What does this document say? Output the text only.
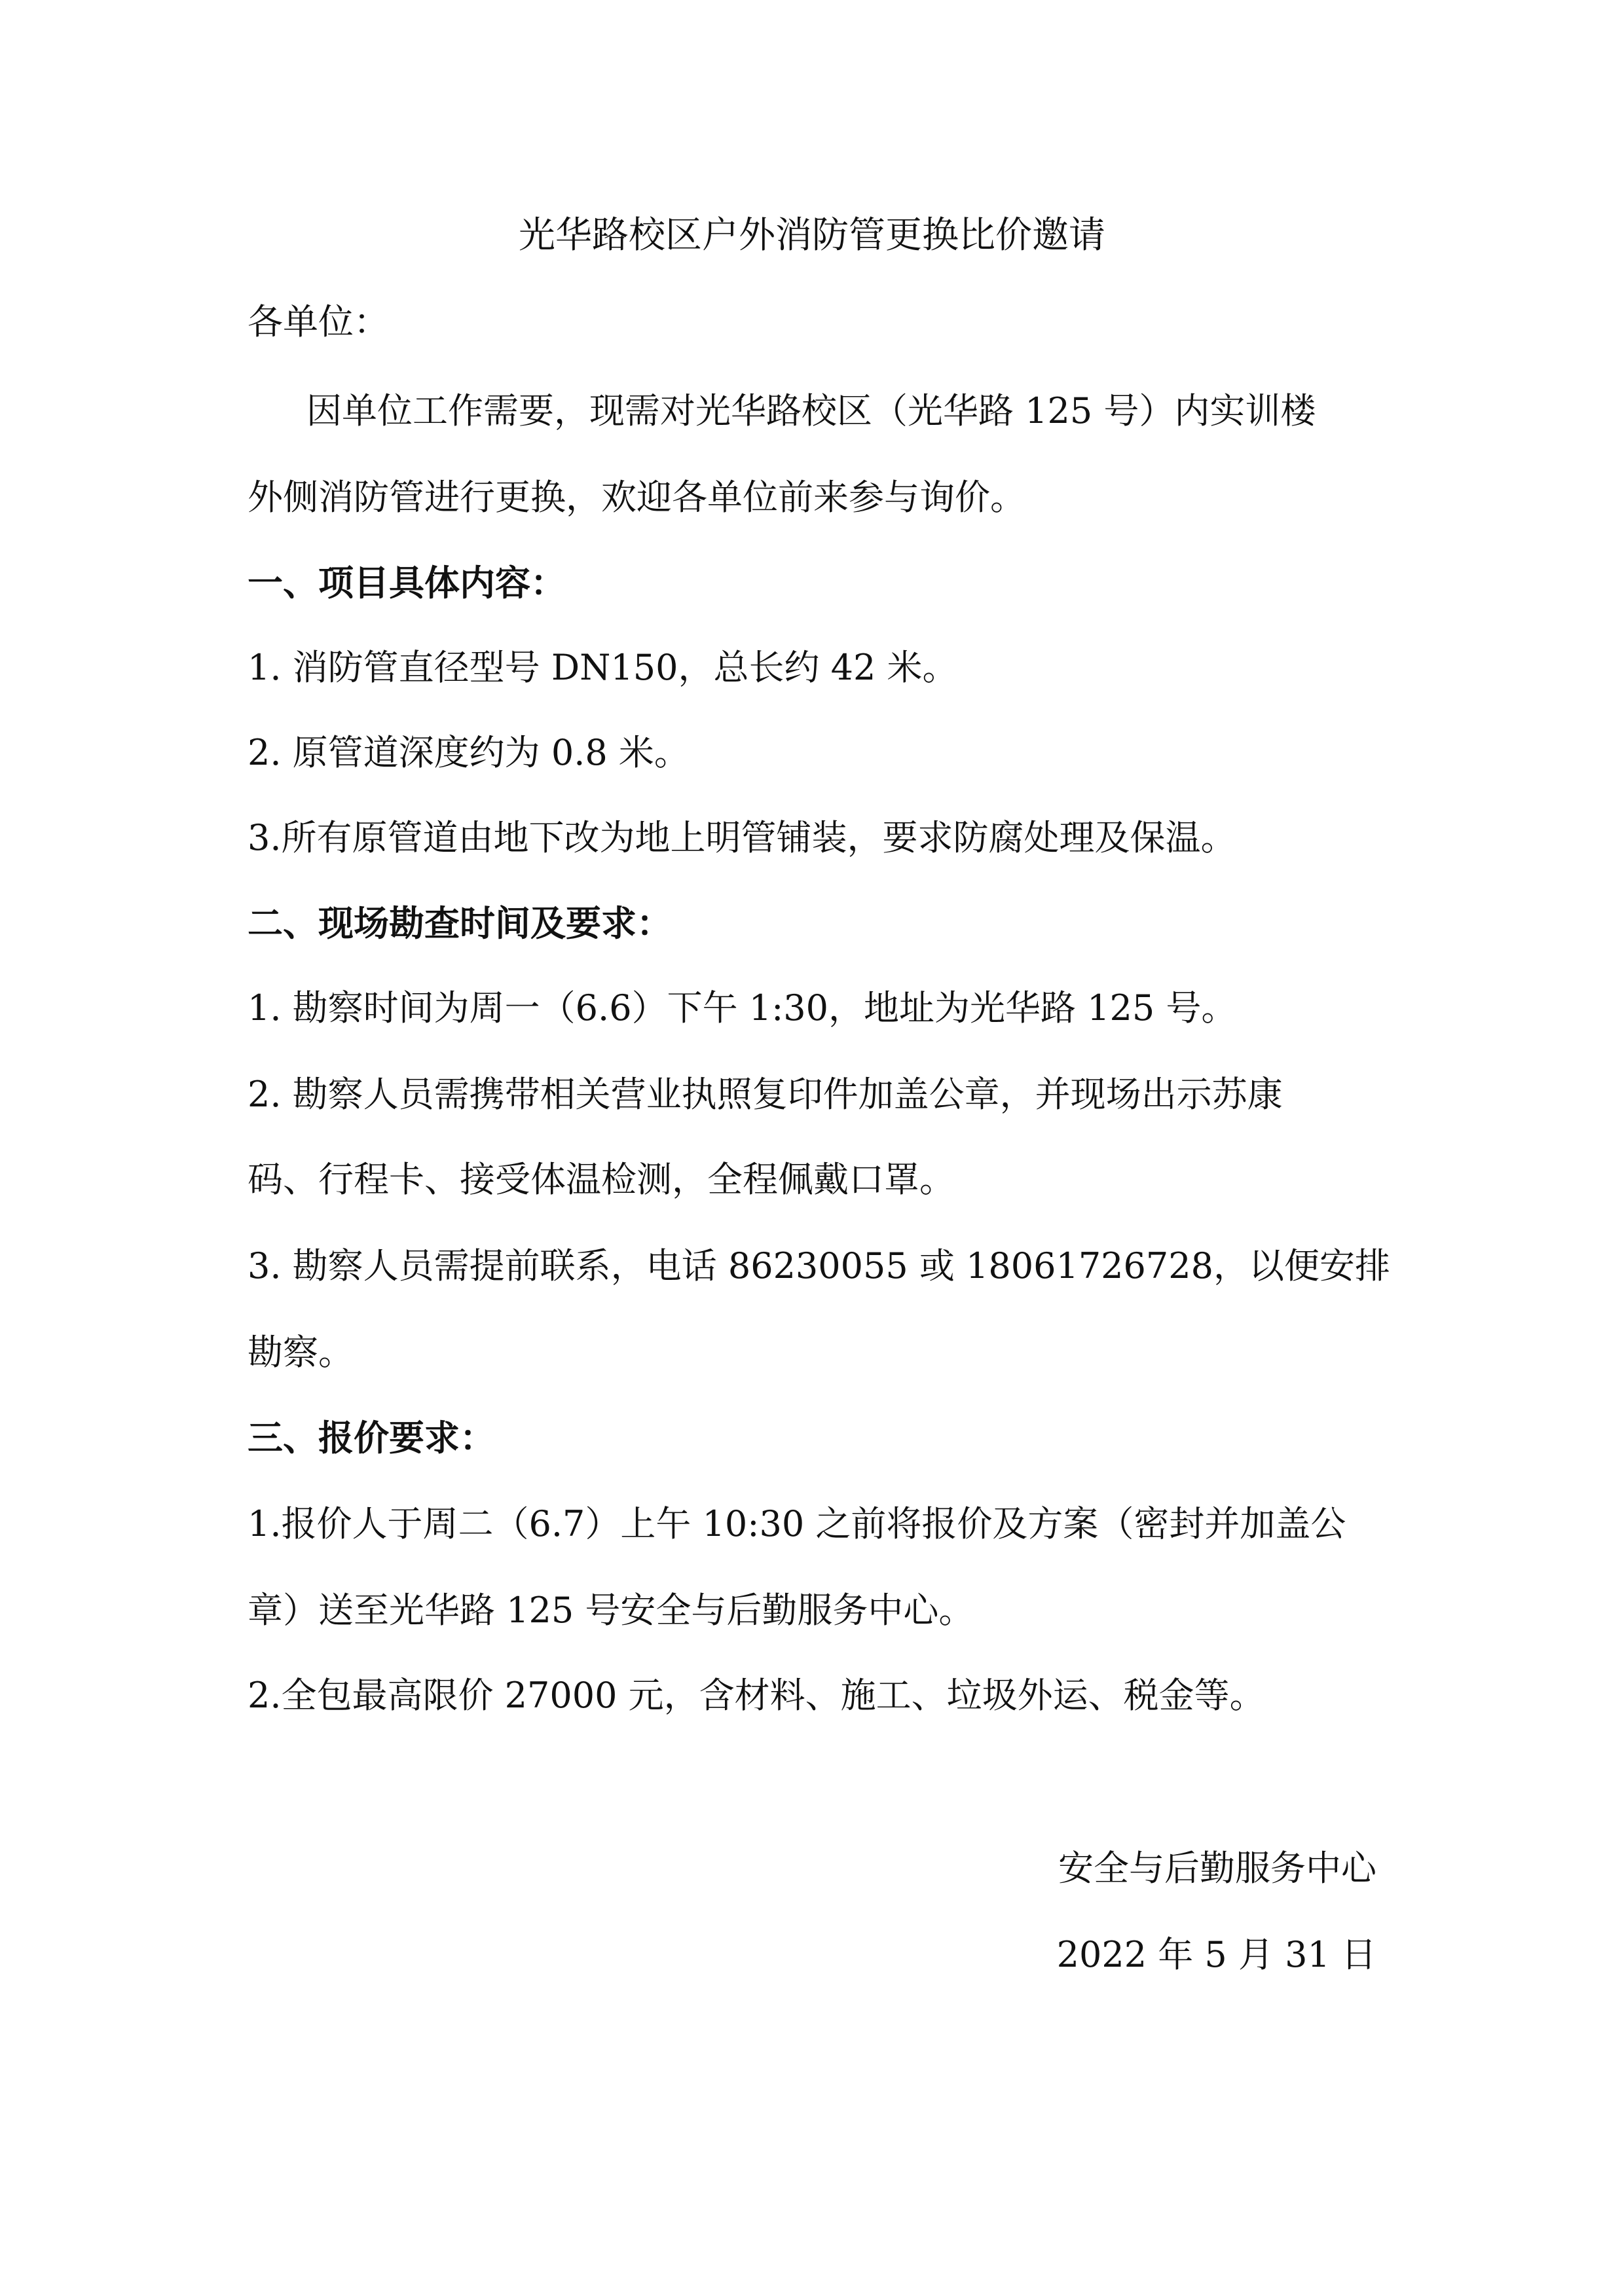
光华路校区户外消防管更换比价邀请
各单位：
因单位工作需要，现需对光华路校区（光华路 125 号）内实训楼
外侧消防管进行更换，欢迎各单位前来参与询价。
一、项目具体内容：
1. 消防管直径型号 DN150，总长约 42 米。
2. 原管道深度约为 0.8 米。
3.所有原管道由地下改为地上明管铺装，要求防腐处理及保温。
二、现场勘查时间及要求：
1. 勘察时间为周一（6.6）下午 1:30，地址为光华路 125 号。
2. 勘察人员需携带相关营业执照复印件加盖公章，并现场出示苏康
码、行程卡、接受体温检测，全程佩戴口罩。
3. 勘察人员需提前联系，电话 86230055 或 18061726728，以便安排
勘察。
三、报价要求：
1.报价人于周二（6.7）上午 10:30 之前将报价及方案（密封并加盖公
章）送至光华路 125 号安全与后勤服务中心。
2.全包最高限价 27000 元，含材料、施工、垃圾外运、税金等。
安全与后勤服务中心
2022 年 5 月 31 日
